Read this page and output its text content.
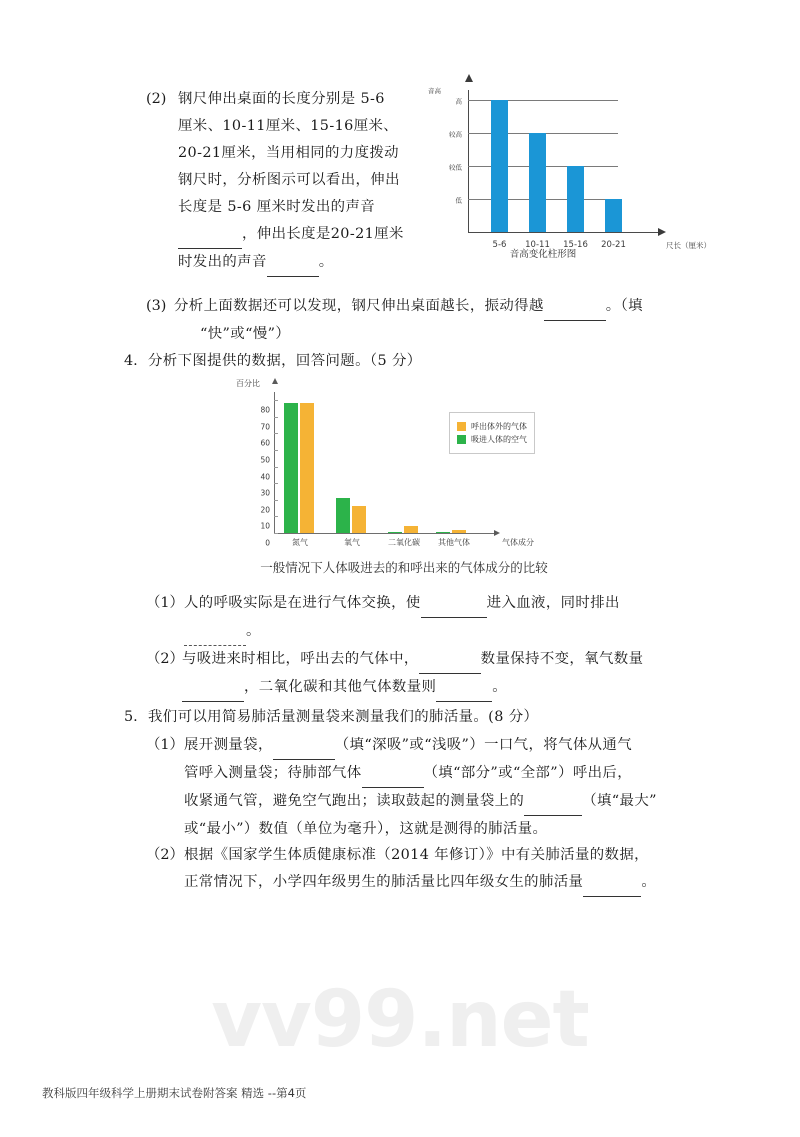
vv99.net
(2) 钢尺伸出桌面的长度分别是 5-6
厘米、10-11厘米、15-16厘米、
20-21厘米，当用相同的力度拨动
钢尺时，分析图示可以看出，伸出
长度是 5-6 厘米时发出的声音
，伸出长度是20-21厘米
时发出的声音	。
音高
高
较高
较低
低
5-6 10-11 15-16 20-21	尺长（厘米）
音高变化柱形图
(3) 分析上面数据还可以发现，钢尺伸出桌面越长，振动得越	。（填
“快”或“慢”）
4. 分析下图提供的数据，回答问题。（5 分）
百分比
0
10
20
30
40
50
60
70
80
氮气	氧气	二氧化碳 其他气体	气体成分
呼出体外的气体
吸进人体的空气
一般情况下人体吸进去的和呼出来的气体成分的比较
（1） 人的呼吸实际是在进行气体交换，使	进入血液，同时排出
。
（2）
与吸进来时相比，呼出去的气体中，	数量保持不变，氧气数量
，二氧化碳和其他气体数量则	。
5. 我们可以用简易肺活量测量袋来测量我们的肺活量。(8 分）
（1） 展开测量袋，	（填“深吸”或“浅吸”）一口气，将气体从通气
管呼入测量袋；待肺部气体	（填“部分”或“全部”）呼出后，
收紧通气管，避免空气跑出；读取鼓起的测量袋上的	（填“最大”
或“最小”）数值（单位为毫升），这就是测得的肺活量。
（2） 根据《国家学生体质健康标准（2014 年修订）》中有关肺活量的数据，
正常情况下，小学四年级男生的肺活量比四年级女生的肺活量	。
教科版四年级科学上册期末试卷附答案 精选 --第4页
